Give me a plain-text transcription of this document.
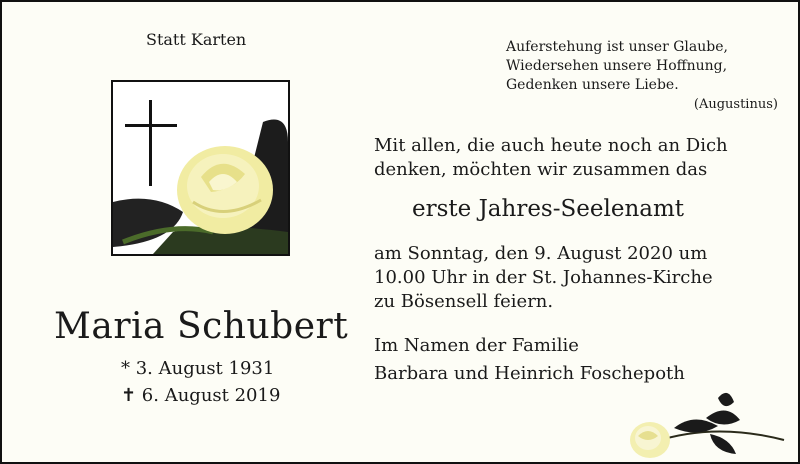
Statt Karten	Auferstehung ist unser Glaube,
Wiedersehen unsere Hoffnung,
Gedenken unsere Liebe.
(Augustinus)
Maria Schubert
* 3. August 1931
✝ 6. August 2019
Mit allen, die auch heute noch an Dich
denken, möchten wir zusammen das
erste Jahres-Seelenamt
am Sonntag, den 9. August 2020 um
10.00 Uhr in der St. Johannes-Kirche
zu Bösensell feiern.
Im Namen der Familie
Barbara und Heinrich Foschepoth
